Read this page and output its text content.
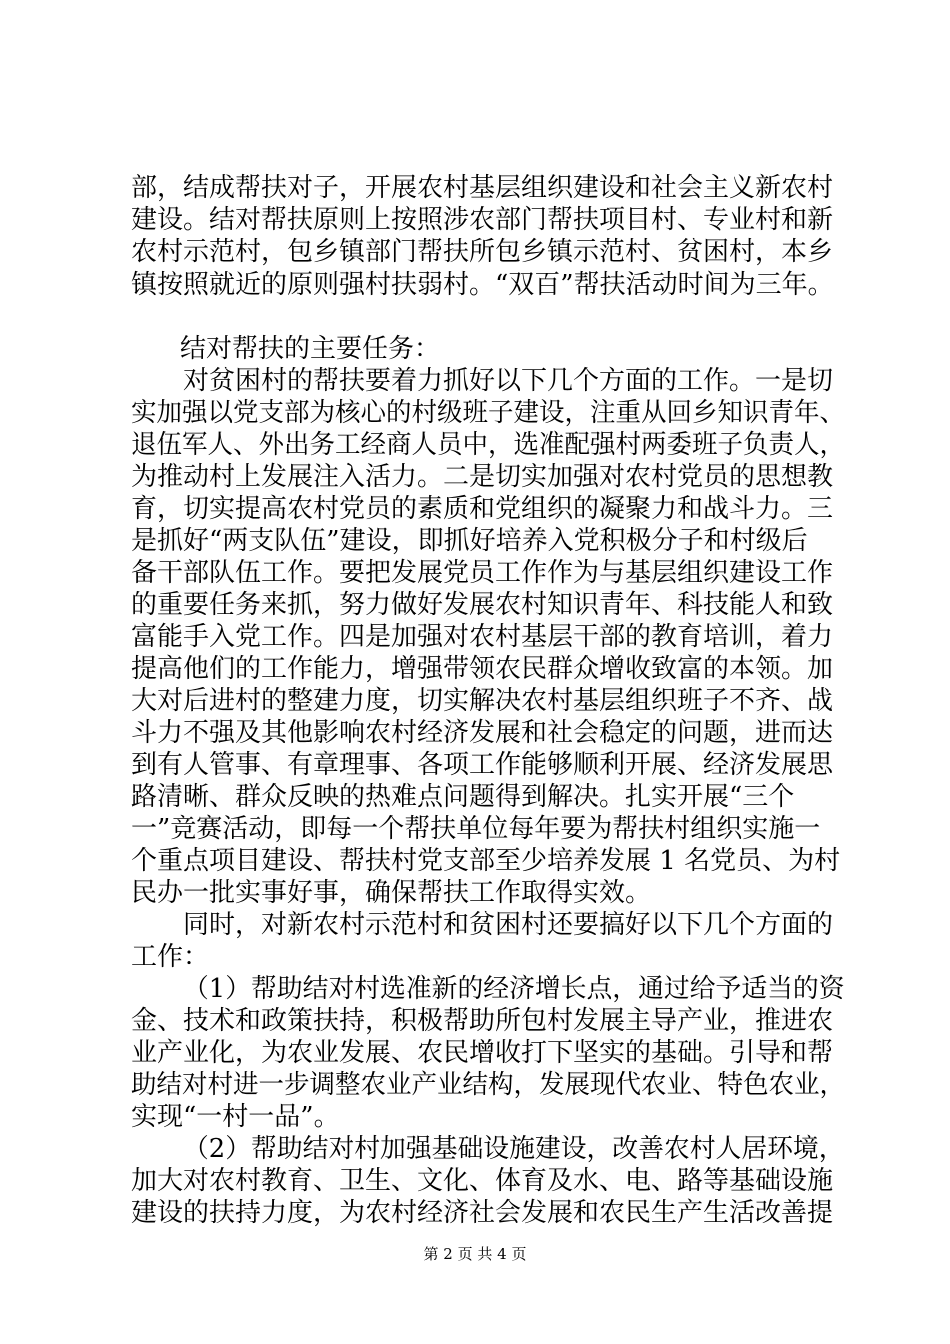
部，结成帮扶对子，开展农村基层组织建设和社会主义新农村
建设。结对帮扶原则上按照涉农部门帮扶项目村、专业村和新
农村示范村，包乡镇部门帮扶所包乡镇示范村、贫困村，本乡
镇按照就近的原则强村扶弱村。“双百”帮扶活动时间为三年。
结对帮扶的主要任务：
对贫困村的帮扶要着力抓好以下几个方面的工作。一是切
实加强以党支部为核心的村级班子建设，注重从回乡知识青年、
退伍军人、外出务工经商人员中，选准配强村两委班子负责人，
为推动村上发展注入活力。二是切实加强对农村党员的思想教
育，切实提高农村党员的素质和党组织的凝聚力和战斗力。三
是抓好“两支队伍”建设，即抓好培养入党积极分子和村级后
备干部队伍工作。要把发展党员工作作为与基层组织建设工作
的重要任务来抓，努力做好发展农村知识青年、科技能人和致
富能手入党工作。四是加强对农村基层干部的教育培训，着力
提高他们的工作能力，增强带领农民群众增收致富的本领。加
大对后进村的整建力度，切实解决农村基层组织班子不齐、战
斗力不强及其他影响农村经济发展和社会稳定的问题，进而达
到有人管事、有章理事、各项工作能够顺利开展、经济发展思
路清晰、群众反映的热难点问题得到解决。扎实开展“三个
一”竞赛活动，即每一个帮扶单位每年要为帮扶村组织实施一
个重点项目建设、帮扶村党支部至少培养发展 1 名党员、为村
民办一批实事好事，确保帮扶工作取得实效。
同时，对新农村示范村和贫困村还要搞好以下几个方面的
工作：
（1）帮助结对村选准新的经济增长点，通过给予适当的资
金、技术和政策扶持，积极帮助所包村发展主导产业，推进农
业产业化，为农业发展、农民增收打下坚实的基础。引导和帮
助结对村进一步调整农业产业结构，发展现代农业、特色农业，
实现“一村一品”。
（2）帮助结对村加强基础设施建设，改善农村人居环境，
加大对农村教育、卫生、文化、体育及水、电、路等基础设施
建设的扶持力度，为农村经济社会发展和农民生产生活改善提
第 2 页 共 4 页
